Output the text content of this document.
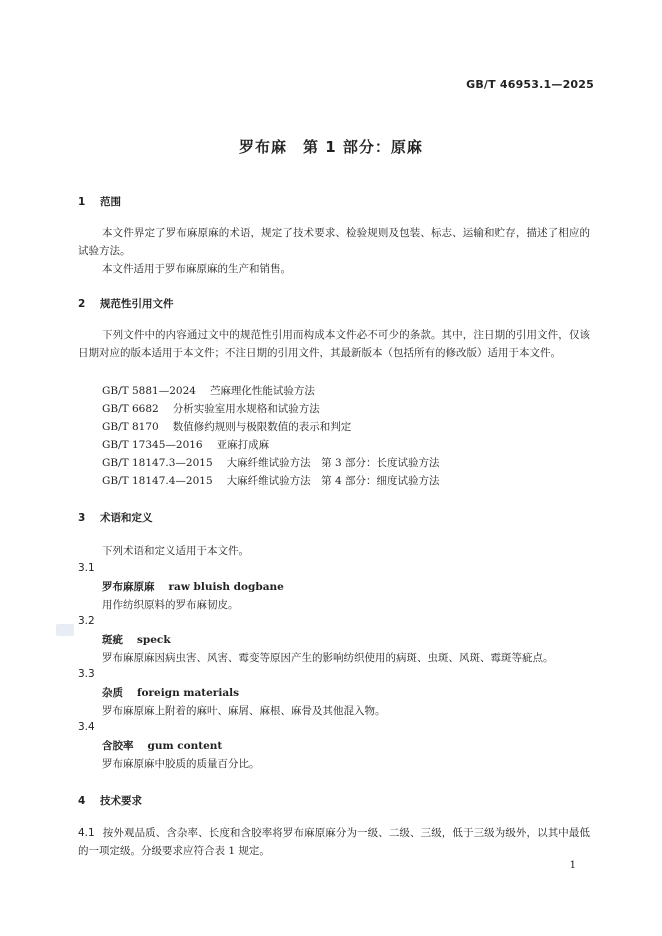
GB/T 46953.1—2025
罗布麻　第 1 部分：原麻
1 范围
本文件界定了罗布麻原麻的术语，规定了技术要求、检验规则及包装、标志、运输和贮存，描述了相应的试验方法。
本文件适用于罗布麻原麻的生产和销售。
2 规范性引用文件
下列文件中的内容通过文中的规范性引用而构成本文件必不可少的条款。其中，注日期的引用文件，仅该日期对应的版本适用于本文件；不注日期的引用文件，其最新版本（包括所有的修改版）适用于本文件。
GB/T 5881—2024 苎麻理化性能试验方法
GB/T 6682 分析实验室用水规格和试验方法
GB/T 8170 数值修约规则与极限数值的表示和判定
GB/T 17345—2016 亚麻打成麻
GB/T 18147.3—2015 大麻纤维试验方法　第 3 部分：长度试验方法
GB/T 18147.4—2015 大麻纤维试验方法　第 4 部分：细度试验方法
3 术语和定义
下列术语和定义适用于本文件。
3.1
罗布麻原麻 raw bluish dogbane
用作纺织原料的罗布麻韧皮。
3.2
斑疵 speck
罗布麻原麻因病虫害、风害、霉变等原因产生的影响纺织使用的病斑、虫斑、风斑、霉斑等疵点。
3.3
杂质 foreign materials
罗布麻原麻上附着的麻叶、麻屑、麻根、麻骨及其他混入物。
3.4
含胶率 gum content
罗布麻原麻中胶质的质量百分比。
4 技术要求
4.1 按外观品质、含杂率、长度和含胶率将罗布麻原麻分为一级、二级、三级，低于三级为级外，以其中最低的一项定级。分级要求应符合表 1 规定。
1
